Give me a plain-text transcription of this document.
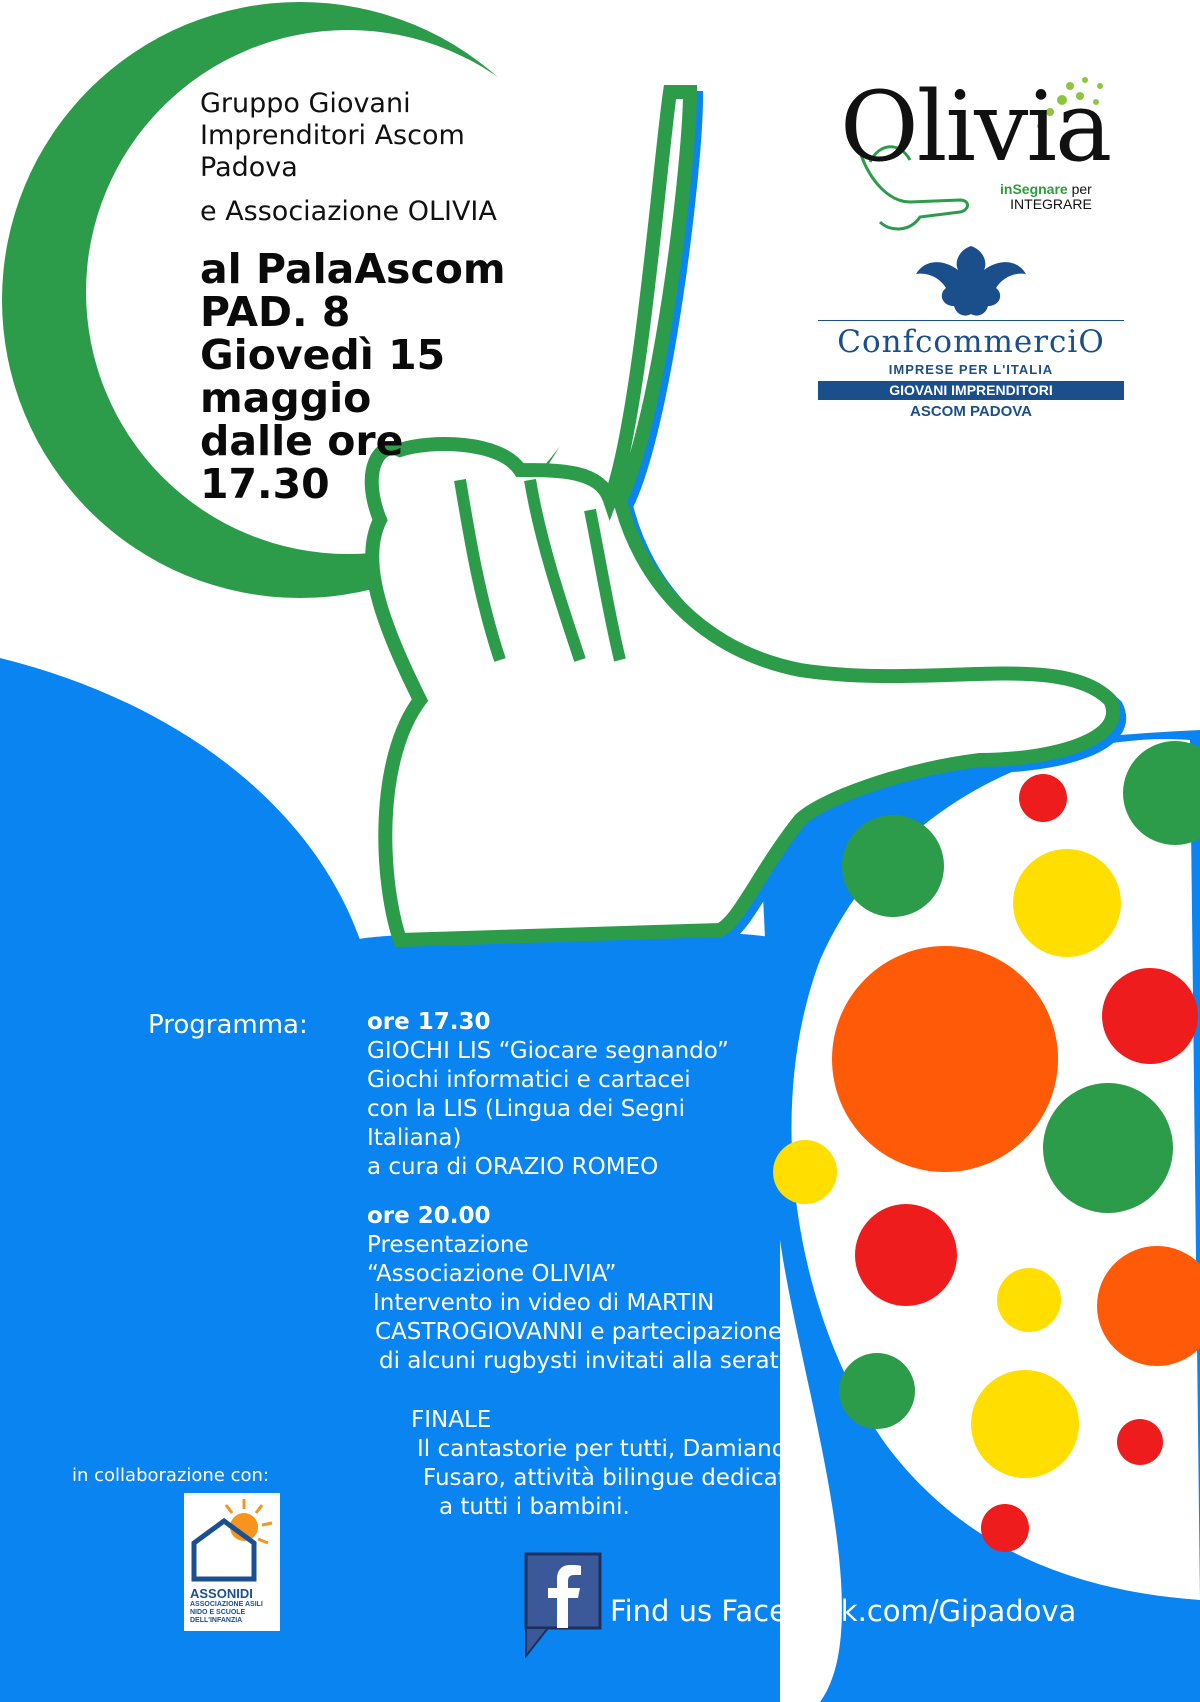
Gruppo Giovani

Imprenditori Ascom

Padova

e Associazione OLIVIA

al PalaAscom
PAD. 8
Giovedì 15
maggio
dalle ore
17.30
Olivia
inSegnare per
INTEGRARE
ConfcommerciO
IMPRESE PER L'ITALIA
GIOVANI IMPRENDITORI
ASCOM PADOVA
Programma:	ore 17.30

GIOCHI LIS “Giocare segnando”

Giochi informatici e cartacei

con la LIS (Lingua dei Segni

Italiana)

a cura di ORAZIO ROMEO

ore 20.00

Presentazione

“Associazione OLIVIA”

Intervento in video di MARTIN

CASTROGIOVANNI e partecipazione

di alcuni rugbysti invitati alla serata.

FINALE

Il cantastorie per tutti, Damiano

Fusaro, attività bilingue dedicata

a tutti i bambini.

in collaborazione con:
ASSONIDI
ASSOCIAZIONE ASILI NIDO E SCUOLE DELL'INFANZIA	Find us Facebook.com/Gipadova
